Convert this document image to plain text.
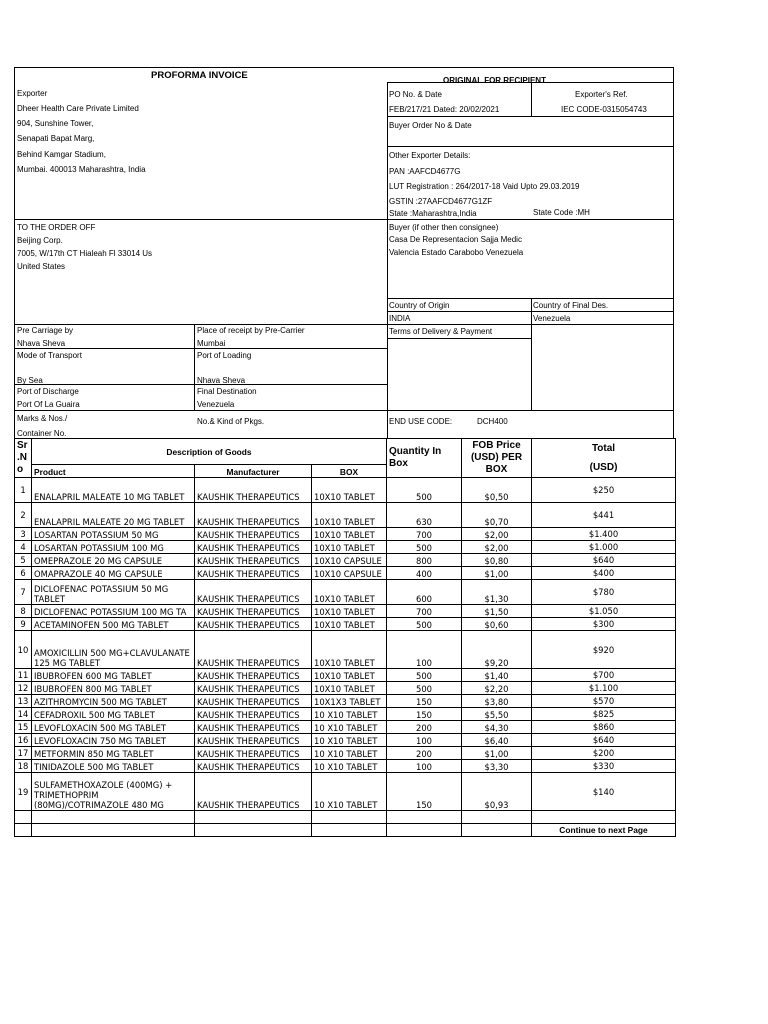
PROFORMA INVOICE	ORIGINAL FOR RECIPIENT
Exporter
Dheer Health Care Private Limited
904, Sunshine Tower,
Senapati Bapat Marg,
Behind Kamgar Stadium,
Mumbai. 400013 Maharashtra, India
PO No. & Date
FEB/217/21 Dated: 20/02/2021
Exporter's Ref.
IEC CODE-0315054743
Buyer Order No & Date
Other Exporter Details:
PAN :AAFCD4677G
LUT Registration : 264/2017-18 Vaid Upto 29.03.2019
GSTIN :27AAFCD4677G1ZF
State :Maharashtra,India	State Code :MH
TO THE ORDER OFF
Beijing Corp.
7005, W/17th CT Hialeah Fl 33014 Us
United States
Buyer (if other then consignee)
Casa De Representacion Sajja Medic
Valencia Estado Carabobo Venezuela
Country of Origin
INDIA
Country of Final Des.
Venezuela
Pre Carriage by
Nhava Sheva
Place of receipt by Pre-Carrier
Mumbai
Terms of Delivery & Payment
Mode of Transport
By Sea
Port of Loading
Nhava Sheva
Port of Discharge
Port Of La Guaira
Final Destination
Venezuela
Marks & Nos./
Container No.
No.& Kind of Pkgs.	END USE CODE:	DCH400
Sr
.N
o	Description of Goods			Quantity In Box	FOB Price (USD) PER BOX	Total
(USD)
	Product	Manufacturer	BOX			
1	ENALAPRIL MALEATE 10 MG TABLET	KAUSHIK THERAPEUTICS	10X10 TABLET	500	$0,50	$250
2	ENALAPRIL MALEATE 20 MG TABLET	KAUSHIK THERAPEUTICS	10X10 TABLET	630	$0,70	$441
3	LOSARTAN POTASSIUM 50 MG	KAUSHIK THERAPEUTICS	10X10 TABLET	700	$2,00	$1.400
4	LOSARTAN POTASSIUM 100 MG	KAUSHIK THERAPEUTICS	10X10 TABLET	500	$2,00	$1.000
5	OMEPRAZOLE 20 MG CAPSULE	KAUSHIK THERAPEUTICS	10X10 CAPSULE	800	$0,80	$640
6	OMAPRAZOLE 40 MG CAPSULE	KAUSHIK THERAPEUTICS	10X10 CAPSULE	400	$1,00	$400
7	DICLOFENAC POTASSIUM 50 MG TABLET	KAUSHIK THERAPEUTICS	10X10 TABLET	600	$1,30	$780
8	DICLOFENAC POTASSIUM 100 MG TA	KAUSHIK THERAPEUTICS	10X10 TABLET	700	$1,50	$1.050
9	ACETAMINOFEN 500 MG TABLET	KAUSHIK THERAPEUTICS	10X10 TABLET	500	$0,60	$300
10	AMOXICILLIN 500 MG+CLAVULANATE 125 MG TABLET	KAUSHIK THERAPEUTICS	10X10 TABLET	100	$9,20	$920
11	IBUBROFEN 600 MG TABLET	KAUSHIK THERAPEUTICS	10X10 TABLET	500	$1,40	$700
12	IBUBROFEN 800 MG TABLET	KAUSHIK THERAPEUTICS	10X10 TABLET	500	$2,20	$1.100
13	AZITHROMYCIN 500 MG TABLET	KAUSHIK THERAPEUTICS	10X1X3 TABLET	150	$3,80	$570
14	CEFADROXIL 500 MG TABLET	KAUSHIK THERAPEUTICS	10 X10 TABLET	150	$5,50	$825
15	LEVOFLOXACIN 500 MG TABLET	KAUSHIK THERAPEUTICS	10 X10 TABLET	200	$4,30	$860
16	LEVOFLOXACIN 750 MG TABLET	KAUSHIK THERAPEUTICS	10 X10 TABLET	100	$6,40	$640
17	METFORMIN 850 MG TABLET	KAUSHIK THERAPEUTICS	10 X10 TABLET	200	$1,00	$200
18	TINIDAZOLE 500 MG TABLET	KAUSHIK THERAPEUTICS	10 X10 TABLET	100	$3,30	$330
19	SULFAMETHOXAZOLE (400MG) + TRIMETHOPRIM (80MG)/COTRIMAZOLE 480 MG	KAUSHIK THERAPEUTICS	10 X10 TABLET	150	$0,93	$140

						Continue to next Page
